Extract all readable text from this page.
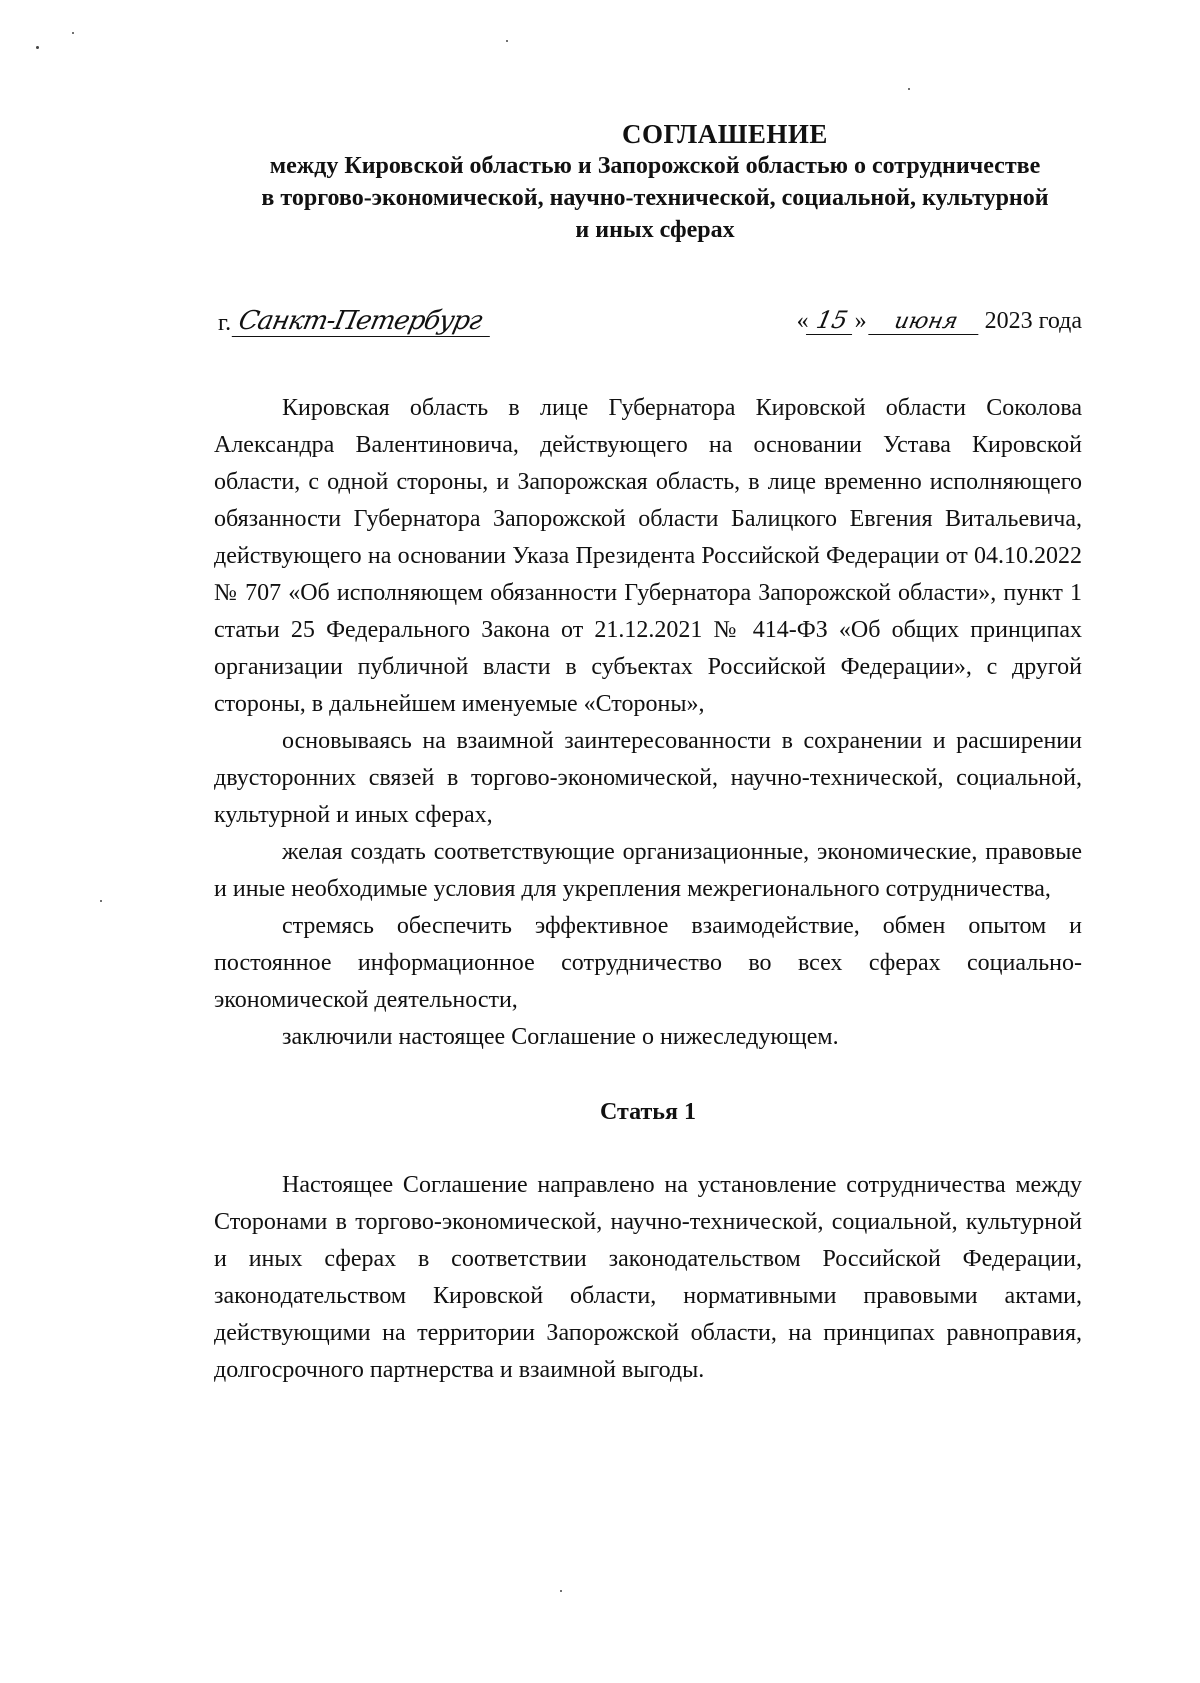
СОГЛАШЕНИЕ
между Кировской областью и Запорожской областью о сотрудничестве
в торгово-экономической, научно-технической, социальной, культурной
и иных сферах
г. Санкт-Петербург	« 15 »	июня	2023 года

Кировская область в лице Губернатора Кировской области Соколова Александра Валентиновича, действующего на основании Устава Кировской области, с одной стороны, и Запорожская область, в лице временно исполняющего обязанности Губернатора Запорожской области Балицкого Евгения Витальевича, действующего на основании Указа Президента Российской Федерации от 04.10.2022 № 707 «Об исполняющем обязанности Губернатора Запорожской области», пункт 1 статьи 25 Федерального Закона от 21.12.2021 № 414-ФЗ «Об общих принципах организации публичной власти в субъектах Российской Федерации», с другой стороны, в дальнейшем именуемые «Стороны»,

основываясь на взаимной заинтересованности в сохранении и расширении двусторонних связей в торгово-экономической, научно-технической, социальной, культурной и иных сферах,

желая создать соответствующие организационные, экономические, правовые и иные необходимые условия для укрепления межрегионального сотрудничества,

стремясь обеспечить эффективное взаимодействие, обмен опытом и постоянное информационное сотрудничество во всех сферах социально-экономической деятельности,

заключили настоящее Соглашение о нижеследующем.

Статья 1

Настоящее Соглашение направлено на установление сотрудничества между Сторонами в торгово-экономической, научно-технической, социальной, культурной и иных сферах в соответствии законодательством Российской Федерации, законодательством Кировской области, нормативными правовыми актами, действующими на территории Запорожской области, на принципах равноправия, долгосрочного партнерства и взаимной выгоды.
